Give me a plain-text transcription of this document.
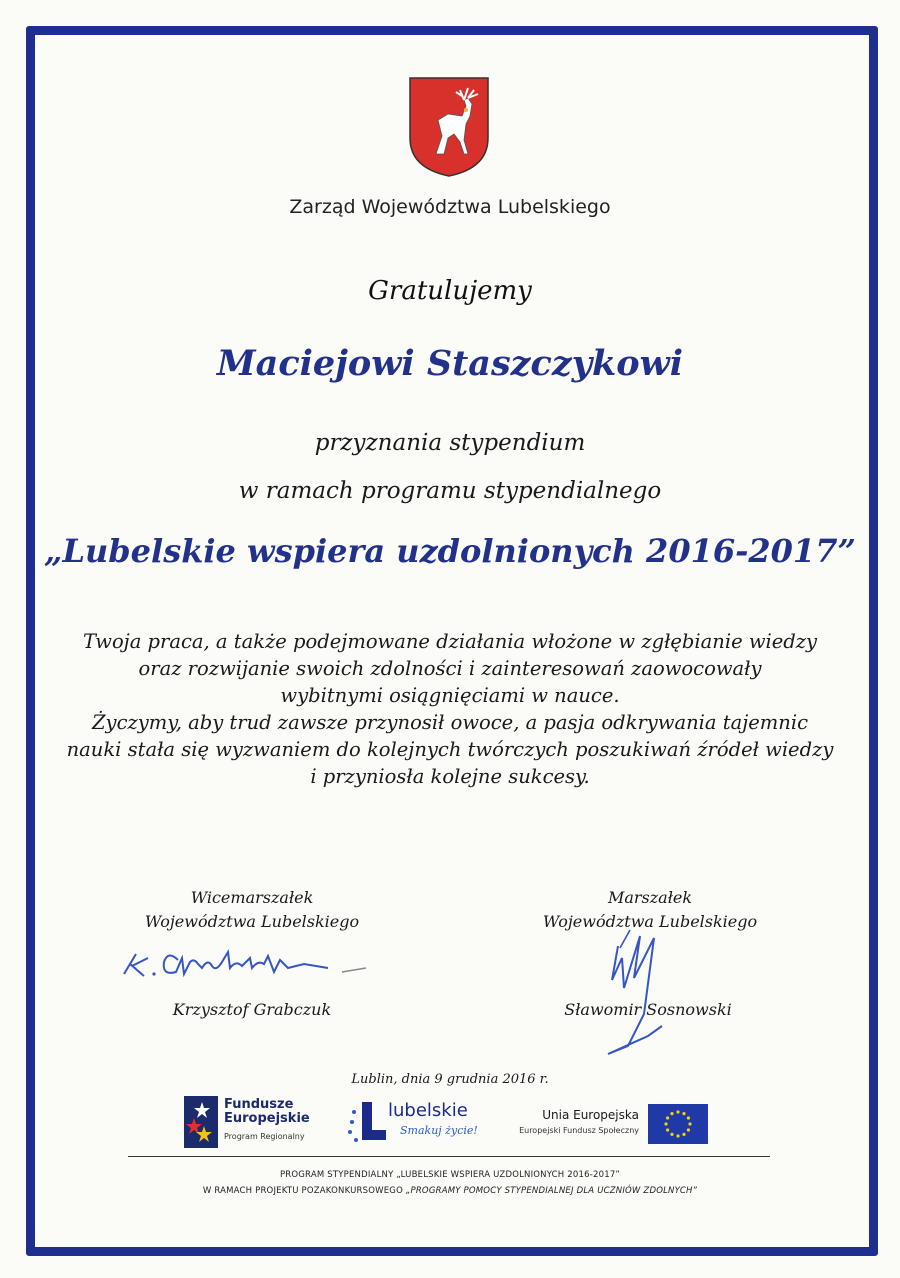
Zarząd Województwa Lubelskiego
Gratulujemy
Maciejowi Staszczykowi
przyznania stypendium
w ramach programu stypendialnego
„Lubelskie wspiera uzdolnionych 2016-2017”
Twoja praca, a także podejmowane działania włożone w zgłębianie wiedzy
oraz rozwijanie swoich zdolności i zainteresowań zaowocowały
wybitnymi osiągnięciami w nauce.
Życzymy, aby trud zawsze przynosił owoce, a pasja odkrywania tajemnic
nauki stała się wyzwaniem do kolejnych twórczych poszukiwań źródeł wiedzy
i przyniosła kolejne sukcesy.
Wicemarszałek
Województwa Lubelskiego
Krzysztof Grabczuk
Marszałek
Województwa Lubelskiego
Sławomir Sosnowski
Lublin, dnia 9 grudnia 2016 r.
Fundusze
Europejskie
Program Regionalny
lubelskie
Smakuj życie!
Unia Europejska
Europejski Fundusz Społeczny
PROGRAM STYPENDIALNY „LUBELSKIE WSPIERA UZDOLNIONYCH 2016-2017”
W RAMACH PROJEKTU POZAKONKURSOWEGO „PROGRAMY POMOCY STYPENDIALNEJ DLA UCZNIÓW ZDOLNYCH”
